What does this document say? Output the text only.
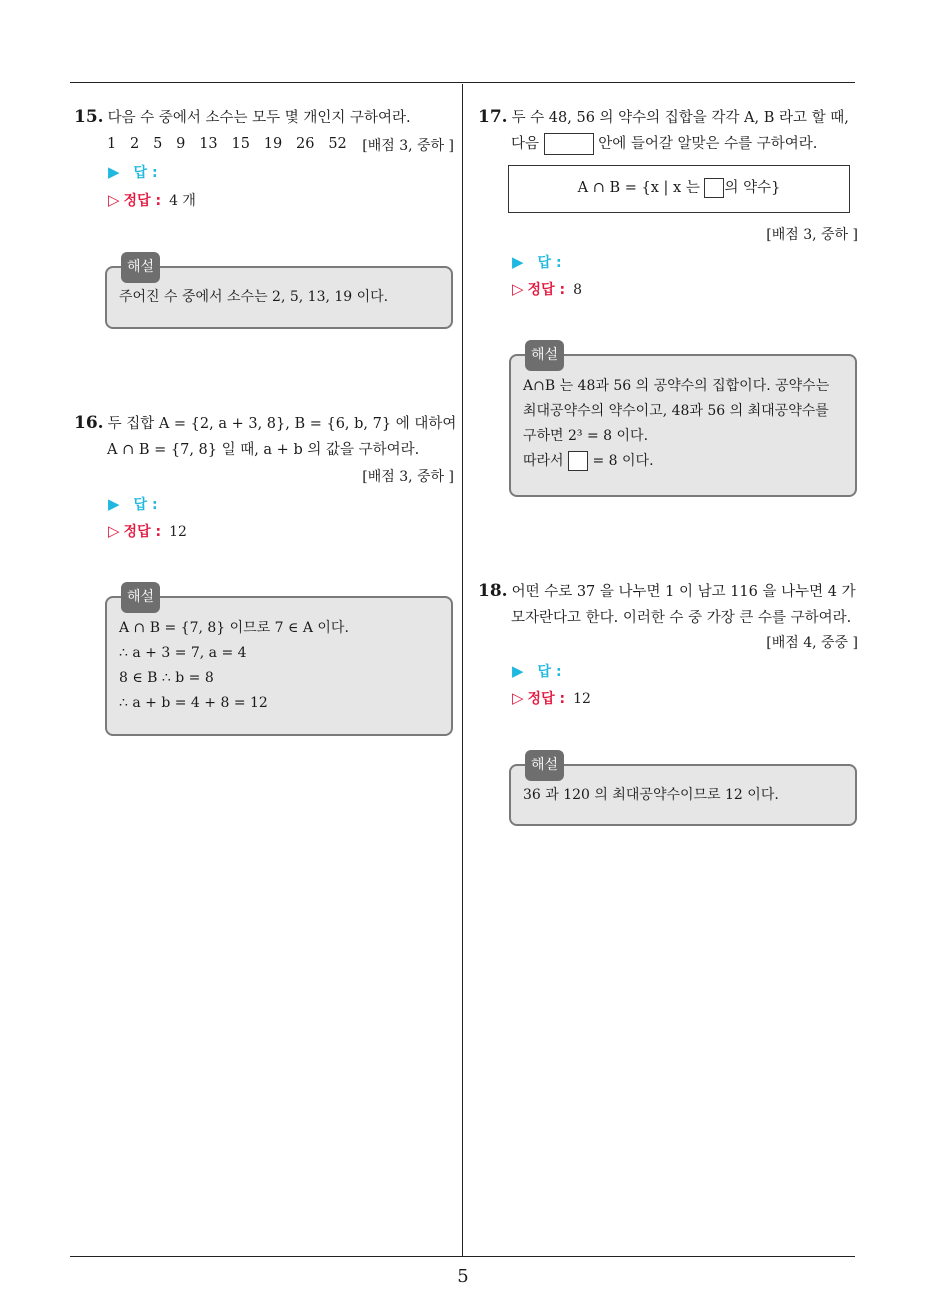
5
15. 다음 수 중에서 소수는 모두 몇 개인지 구하여라.
1   2   5   9   13   15   19   26   52	[배점 3, 중하 ]
▶ 답 :
▷ 정답 : 4 개
해설
주어진 수 중에서 소수는 2, 5, 13, 19 이다.
16. 두 집합 A = {2, a + 3, 8}, B = {6, b, 7} 에 대하여
A ∩ B = {7, 8} 일 때, a + b 의 값을 구하여라.
[배점 3, 중하 ]
▶ 답 :
▷ 정답 : 12
해설
A ∩ B = {7, 8} 이므로 7 ∈ A 이다.
∴ a + 3 = 7, a = 4
8 ∈ B ∴ b = 8
∴ a + b = 4 + 8 = 12
17. 두 수 48, 56 의 약수의 집합을 각각 A, B 라고 할 때,
다음	안에 들어갈 알맞은 수를 구하여라.
A ∩ B = {x | x 는 의 약수}
[배점 3, 중하 ]
▶ 답 :
▷ 정답 : 8
해설
A∩B 는 48과 56 의 공약수의 집합이다. 공약수는
최대공약수의 약수이고, 48과 56 의 최대공약수를
구하면 2³ = 8 이다.
따라서 = 8 이다.
18. 어떤 수로 37 을 나누면 1 이 남고 116 을 나누면 4 가
모자란다고 한다. 이러한 수 중 가장 큰 수를 구하여라.
[배점 4, 중중 ]
▶ 답 :
▷ 정답 : 12
해설
36 과 120 의 최대공약수이므로 12 이다.
